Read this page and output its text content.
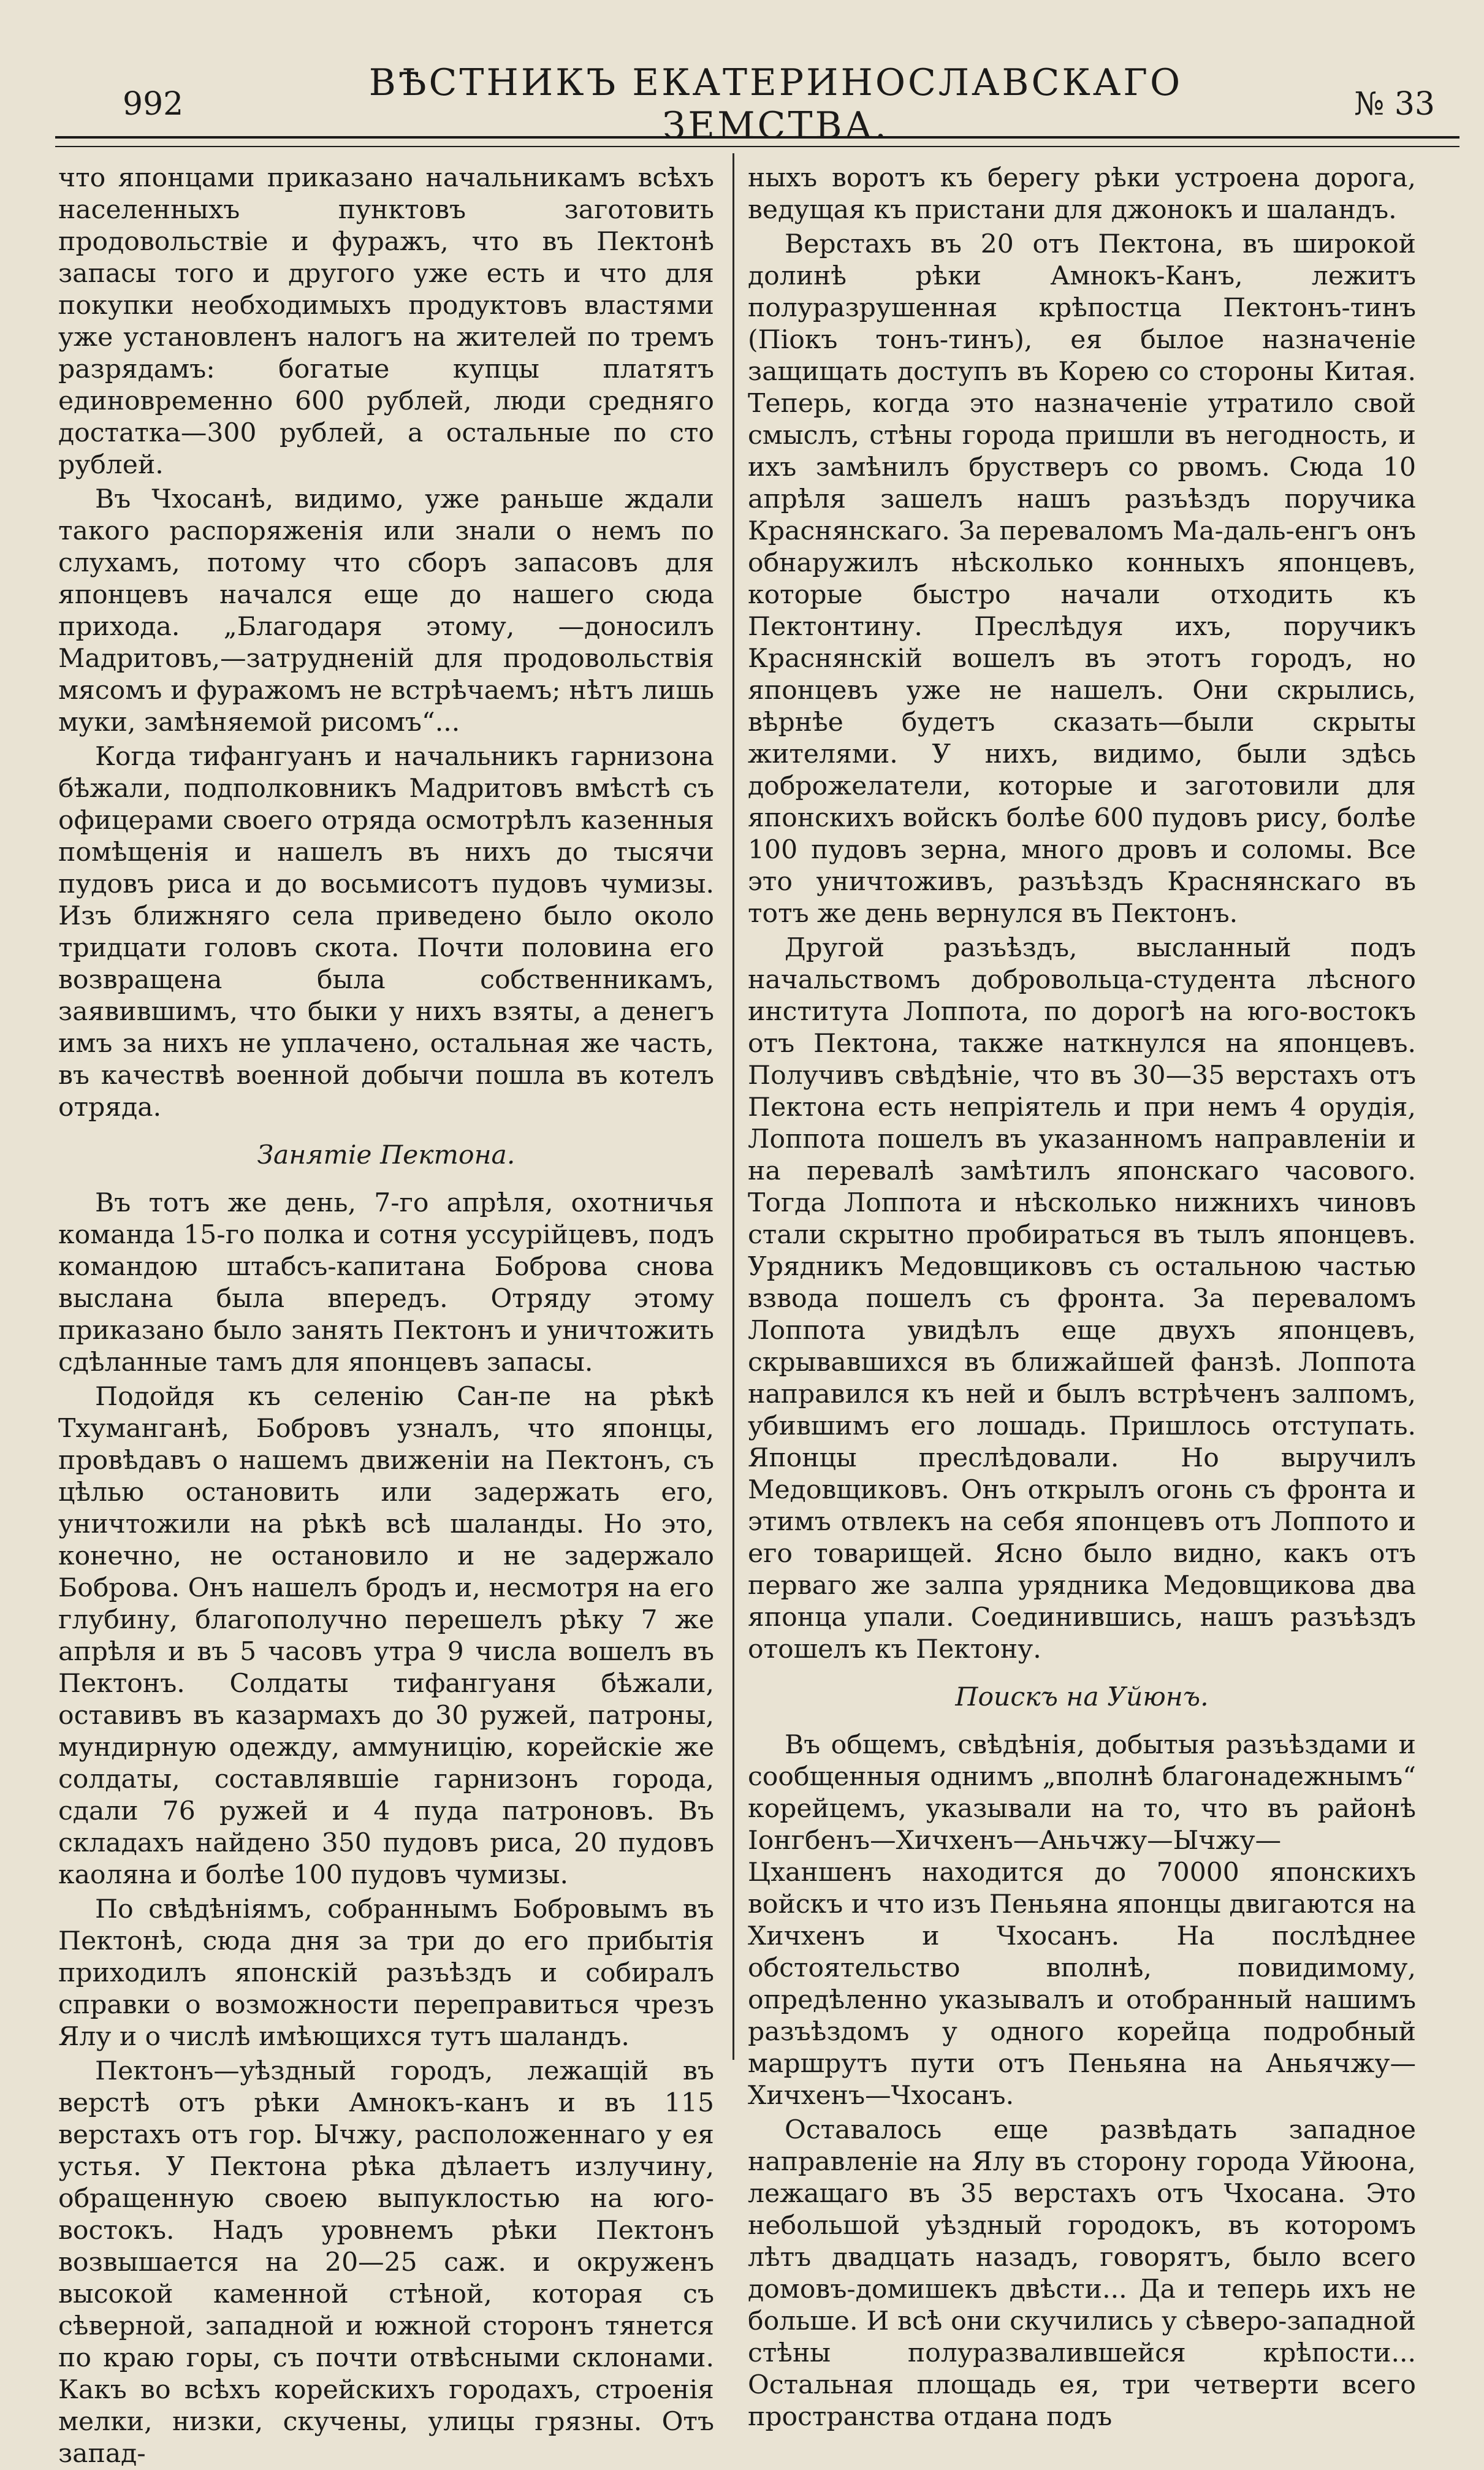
992	ВѢСТНИКЪ ЕКАТЕРИНОСЛАВСКАГО ЗЕМСТВА.	№ 33

что японцами приказано начальникамъ всѣхъ населенныхъ пунктовъ заготовить продовольствіе и фуражъ, что въ Пектонѣ запасы того и другого уже есть и что для покупки необходимыхъ продуктовъ властями уже установленъ налогъ на жителей по тремъ разрядамъ: богатые купцы платятъ единовременно 600 рублей, люди средняго достатка—300 рублей, а остальные по сто рублей.

Въ Чхосанѣ, видимо, уже раньше ждали такого распоряженія или знали о немъ по слухамъ, потому что сборъ запасовъ для японцевъ начался еще до нашего сюда прихода. „Благодаря этому, —доносилъ Мадритовъ,—затрудненій для продовольствія мясомъ и фуражомъ не встрѣчаемъ; нѣтъ лишь муки, замѣняемой рисомъ“...

Когда тифангуанъ и начальникъ гарнизона бѣжали, подполковникъ Мадритовъ вмѣстѣ съ офицерами своего отряда осмотрѣлъ казенныя помѣщенія и нашелъ въ нихъ до тысячи пудовъ риса и до восьмисотъ пудовъ чумизы. Изъ ближняго села приведено было около тридцати головъ скота. Почти половина его возвращена была собственникамъ, заявившимъ, что быки у нихъ взяты, а денегъ имъ за нихъ не уплачено, остальная же часть, въ качествѣ военной добычи пошла въ котелъ отряда.

Занятіе Пектона.

Въ тотъ же день, 7-го апрѣля, охотничья команда 15-го полка и сотня уссурійцевъ, подъ командою штабсъ-капитана Боброва снова выслана была впередъ. Отряду этому приказано было занять Пектонъ и уничтожить сдѣланные тамъ для японцевъ запасы.

Подойдя къ селенію Сан-пе на рѣкѣ Тхуманганѣ, Бобровъ узналъ, что японцы, провѣдавъ о нашемъ движеніи на Пектонъ, съ цѣлью остановить или задержать его, уничтожили на рѣкѣ всѣ шаланды. Но это, конечно, не остановило и не задержало Боброва. Онъ нашелъ бродъ и, несмотря на его глубину, благополучно перешелъ рѣку 7 же апрѣля и въ 5 часовъ утра 9 числа вошелъ въ Пектонъ. Солдаты тифангуаня бѣжали, оставивъ въ казармахъ до 30 ружей, патроны, мундирную одежду, аммуницію, корейскіе же солдаты, составлявшіе гарнизонъ города, сдали 76 ружей и 4 пуда патроновъ. Въ складахъ найдено 350 пудовъ риса, 20 пудовъ каоляна и болѣе 100 пудовъ чумизы.

По свѣдѣніямъ, собраннымъ Бобровымъ въ Пектонѣ, сюда дня за три до его прибытія приходилъ японскій разъѣздъ и собиралъ справки о возможности переправиться чрезъ Ялу и о числѣ имѣющихся тутъ шаландъ.

Пектонъ—уѣздный городъ, лежащій въ верстѣ отъ рѣки Амнокъ-канъ и въ 115 верстахъ отъ гор. Ычжу, расположеннаго у ея устья. У Пектона рѣка дѣлаетъ излучину, обращенную своею выпуклостью на юго-востокъ. Надъ уровнемъ рѣки Пектонъ возвышается на 20—25 саж. и окруженъ высокой каменной стѣной, которая съ сѣверной, западной и южной сторонъ тянется по краю горы, съ почти отвѣсными склонами. Какъ во всѣхъ корейскихъ городахъ, строенія мелки, низки, скучены, улицы грязны. Отъ запад-

ныхъ воротъ къ берегу рѣки устроена дорога, ведущая къ пристани для джонокъ и шаландъ.

Верстахъ въ 20 отъ Пектона, въ широкой долинѣ рѣки Амнокъ-Канъ, лежитъ полуразрушенная крѣпостца Пектонъ-тинъ (Піокъ тонъ-тинъ), ея былое назначеніе защищать доступъ въ Корею со стороны Китая. Теперь, когда это назначеніе утратило свой смыслъ, стѣны города пришли въ негодность, и ихъ замѣнилъ брустверъ со рвомъ. Сюда 10 апрѣля зашелъ нашъ разъѣздъ поручика Краснянскаго. За переваломъ Ма-даль-енгъ онъ обнаружилъ нѣсколько конныхъ японцевъ, которые быстро начали отходить къ Пектонтину. Преслѣдуя ихъ, поручикъ Краснянскій вошелъ въ этотъ городъ, но японцевъ уже не нашелъ. Они скрылись, вѣрнѣе будетъ сказать—были скрыты жителями. У нихъ, видимо, были здѣсь доброжелатели, которые и заготовили для японскихъ войскъ болѣе 600 пудовъ рису, болѣе 100 пудовъ зерна, много дровъ и соломы. Все это уничтоживъ, разъѣздъ Краснянскаго въ тотъ же день вернулся въ Пектонъ.

Другой разъѣздъ, высланный подъ начальствомъ добровольца-студента лѣсного института Лоппота, по дорогѣ на юго-востокъ отъ Пектона, также наткнулся на японцевъ. Получивъ свѣдѣніе, что въ 30—35 верстахъ отъ Пектона есть непріятель и при немъ 4 орудія, Лоппота пошелъ въ указанномъ направленіи и на перевалѣ замѣтилъ японскаго часового. Тогда Лоппота и нѣсколько нижнихъ чиновъ стали скрытно пробираться въ тылъ японцевъ. Урядникъ Медовщиковъ съ остальною частью взвода пошелъ съ фронта. За переваломъ Лоппота увидѣлъ еще двухъ японцевъ, скрывавшихся въ ближайшей фанзѣ. Лоппота направился къ ней и былъ встрѣченъ залпомъ, убившимъ его лошадь. Пришлось отступать. Японцы преслѣдовали. Но выручилъ Медовщиковъ. Онъ открылъ огонь съ фронта и этимъ отвлекъ на себя японцевъ отъ Лоппото и его товарищей. Ясно было видно, какъ отъ перваго же залпа урядника Медовщикова два японца упали. Соединившись, нашъ разъѣздъ отошелъ къ Пектону.

Поискъ на Уйюнъ.

Въ общемъ, свѣдѣнія, добытыя разъѣздами и сообщенныя однимъ „вполнѣ благонадежнымъ“ корейцемъ, указывали на то, что въ районѣ Іонгбенъ—Хичхенъ—Аньчжу—Ычжу—Цханшенъ находится до 70000 японскихъ войскъ и что изъ Пеньяна японцы двигаются на Хичхенъ и Чхосанъ. На послѣднее обстоятельство вполнѣ, повидимому, опредѣленно указывалъ и отобранный нашимъ разъѣздомъ у одного корейца подробный маршрутъ пути отъ Пеньяна на Аньячжу—Хичхенъ—Чхосанъ.

Оставалось еще развѣдать западное направленіе на Ялу въ сторону города Уйюона, лежащаго въ 35 верстахъ отъ Чхосана. Это небольшой уѣздный городокъ, въ которомъ лѣтъ двадцать назадъ, говорятъ, было всего домовъ-домишекъ двѣсти... Да и теперь ихъ не больше. И всѣ они скучились у сѣверо-западной стѣны полуразвалившейся крѣпости... Остальная площадь ея, три четверти всего пространства отдана подъ
